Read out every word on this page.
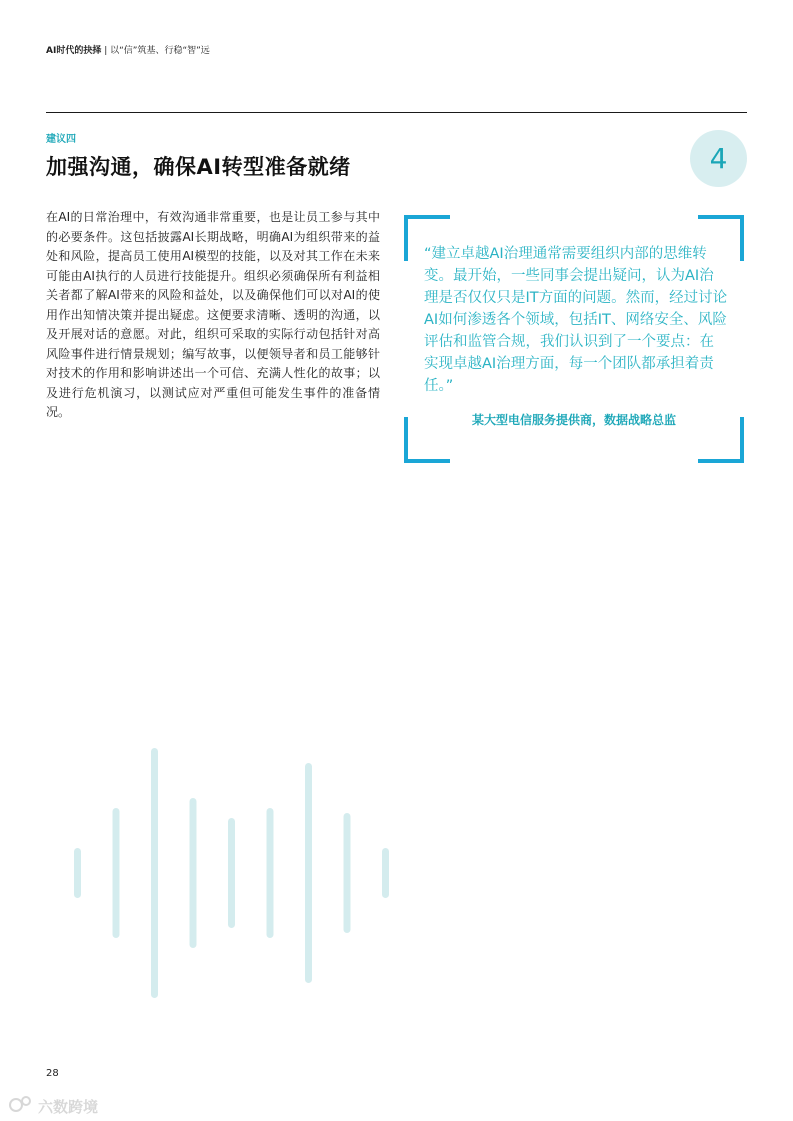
AI时代的抉择 | 以“信”筑基、行稳“智”远
建议四
加强沟通，确保AI转型准备就绪	4
在AI的日常治理中，有效沟通非常重要，也是让员工参与其中的必要条件。这包括披露AI长期战略，明确AI为组织带来的益处和风险，提高员工使用AI模型的技能，以及对其工作在未来可能由AI执行的人员进行技能提升。组织必须确保所有利益相关者都了解AI带来的风险和益处，以及确保他们可以对AI的使用作出知情决策并提出疑虑。这便要求清晰、透明的沟通，以及开展对话的意愿。对此，组织可采取的实际行动包括针对高风险事件进行情景规划；编写故事，以便领导者和员工能够针对技术的作用和影响讲述出一个可信、充满人性化的故事；以及进行危机演习，以测试应对严重但可能发生事件的准备情况。
“建立卓越AI治理通常需要组织内部的思维转变。最开始，一些同事会提出疑问，认为AI治理是否仅仅只是IT方面的问题。然而，经过讨论AI如何渗透各个领域，包括IT、网络安全、风险评估和监管合规，我们认识到了一个要点：在实现卓越AI治理方面，每一个团队都承担着责任。”
某大型电信服务提供商，数据战略总监
28
六数跨境
